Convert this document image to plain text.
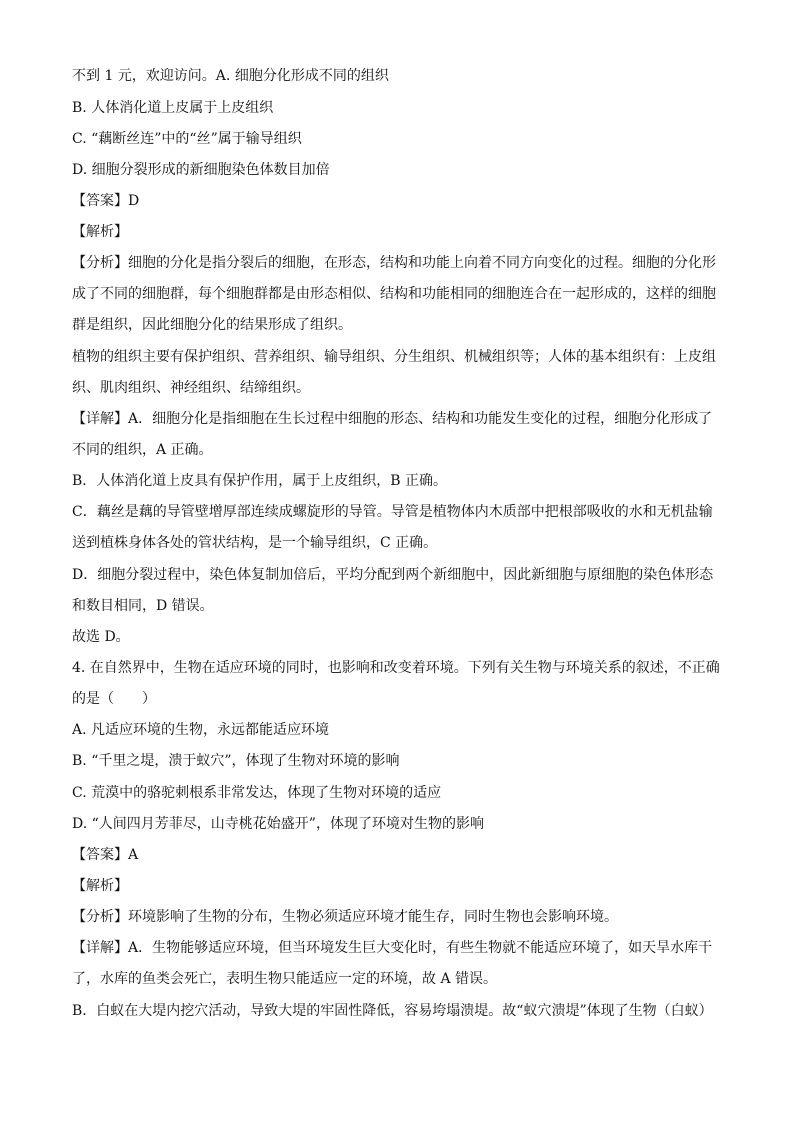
不到 1 元，欢迎访问。A. 细胞分化形成不同的组织
B. 人体消化道上皮属于上皮组织
C. “藕断丝连”中的“丝”属于输导组织
D. 细胞分裂形成的新细胞染色体数目加倍
【答案】D
【解析】
【分析】细胞的分化是指分裂后的细胞，在形态，结构和功能上向着不同方向变化的过程。细胞的分化形
成了不同的细胞群，每个细胞群都是由形态相似、结构和功能相同的细胞连合在一起形成的，这样的细胞
群是组织，因此细胞分化的结果形成了组织。
植物的组织主要有保护组织、营养组织、输导组织、分生组织、机械组织等；人体的基本组织有：上皮组
织、肌肉组织、神经组织、结缔组织。
【详解】A．细胞分化是指细胞在生长过程中细胞的形态、结构和功能发生变化的过程，细胞分化形成了
不同的组织，A 正确。
B．人体消化道上皮具有保护作用，属于上皮组织，B 正确。
C．藕丝是藕的导管壁增厚部连续成螺旋形的导管。导管是植物体内木质部中把根部吸收的水和无机盐输
送到植株身体各处的管状结构，是一个输导组织，C 正确。
D．细胞分裂过程中，染色体复制加倍后，平均分配到两个新细胞中，因此新细胞与原细胞的染色体形态
和数目相同，D 错误。
故选 D。
4. 在自然界中，生物在适应环境的同时，也影响和改变着环境。下列有关生物与环境关系的叙述，不正确
的是（　　）
A. 凡适应环境的生物，永远都能适应环境
B. “千里之堤，溃于蚁穴”，体现了生物对环境的影响
C. 荒漠中的骆驼刺根系非常发达，体现了生物对环境的适应
D. “人间四月芳菲尽，山寺桃花始盛开”，体现了环境对生物的影响
【答案】A
【解析】
【分析】环境影响了生物的分布，生物必须适应环境才能生存，同时生物也会影响环境。
【详解】A．生物能够适应环境，但当环境发生巨大变化时，有些生物就不能适应环境了，如天旱水库干
了，水库的鱼类会死亡，表明生物只能适应一定的环境，故 A 错误。
B．白蚁在大堤内挖穴活动，导致大堤的牢固性降低，容易垮塌溃堤。故“蚁穴溃堤”体现了生物（白蚁）
